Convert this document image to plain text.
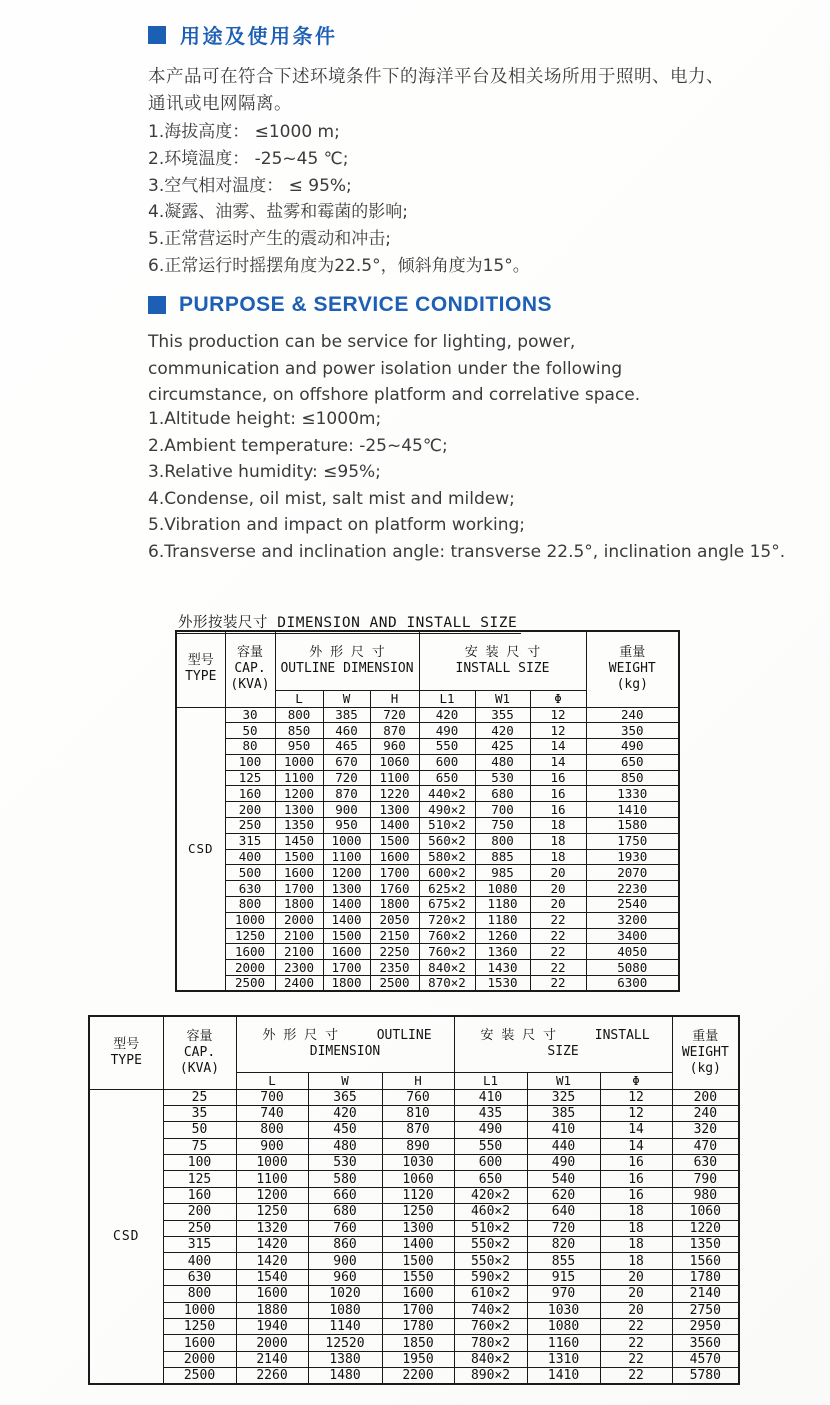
用途及使用条件
本产品可在符合下述环境条件下的海洋平台及相关场所用于照明、电力、通讯或电网隔离。
1.海拔高度： ≤1000 m;
2.环境温度： -25~45 ℃;
3.空气相对温度： ≤ 95%;
4.凝露、油雾、盐雾和霉菌的影响;
5.正常营运时产生的震动和冲击;
6.正常运行时摇摆角度为22.5°，倾斜角度为15°。
PURPOSE & SERVICE CONDITIONS
This production can be service for lighting, power, communication and power isolation under the following circumstance, on offshore platform and correlative space.
1.Altitude height: ≤1000m;
2.Ambient temperature: -25~45℃;
3.Relative humidity: ≤95%;
4.Condense, oil mist, salt mist and mildew;
5.Vibration and impact on platform working;
6.Transverse and inclination angle: transverse 22.5°, inclination angle 15°.
外形按装尺寸 DIMENSION AND INSTALL SIZE
型号
TYPE	容量
CAP.
(KVA)	外 形 尺 寸
OUTLINE DIMENSION			安 装 尺 寸
INSTALL SIZE			重量
WEIGHT
(kg)

		L	W	H	L1	W1	Φ	
CSD	30	800	385	720	420	355	12	240
	50	850	460	870	490	420	12	350
	80	950	465	960	550	425	14	490
	100	1000	670	1060	600	480	14	650
	125	1100	720	1100	650	530	16	850
	160	1200	870	1220	440×2	680	16	1330
	200	1300	900	1300	490×2	700	16	1410
	250	1350	950	1400	510×2	750	18	1580
	315	1450	1000	1500	560×2	800	18	1750
	400	1500	1100	1600	580×2	885	18	1930
	500	1600	1200	1700	600×2	985	20	2070
	630	1700	1300	1760	625×2	1080	20	2230
	800	1800	1400	1800	675×2	1180	20	2540
	1000	2000	1400	2050	720×2	1180	22	3200
	1250	2100	1500	2150	760×2	1260	22	3400
	1600	2100	1600	2250	760×2	1360	22	4050
	2000	2300	1700	2350	840×2	1430	22	5080
	2500	2400	1800	2500	870×2	1530	22	6300
型号
TYPE	容量
CAP.
(KVA)	外 形 尺 寸 OUTLINE
DIMENSION			安 装 尺 寸 INSTALL
SIZE			重量
WEIGHT
(kg)

		L	W	H	L1	W1	Φ	
CSD	25	700	365	760	410	325	12	200
	35	740	420	810	435	385	12	240
	50	800	450	870	490	410	14	320
	75	900	480	890	550	440	14	470
	100	1000	530	1030	600	490	16	630
	125	1100	580	1060	650	540	16	790
	160	1200	660	1120	420×2	620	16	980
	200	1250	680	1250	460×2	640	18	1060
	250	1320	760	1300	510×2	720	18	1220
	315	1420	860	1400	550×2	820	18	1350
	400	1420	900	1500	550×2	855	18	1560
	630	1540	960	1550	590×2	915	20	1780
	800	1600	1020	1600	610×2	970	20	2140
	1000	1880	1080	1700	740×2	1030	20	2750
	1250	1940	1140	1780	760×2	1080	22	2950
	1600	2000	12520	1850	780×2	1160	22	3560
	2000	2140	1380	1950	840×2	1310	22	4570
	2500	2260	1480	2200	890×2	1410	22	5780
